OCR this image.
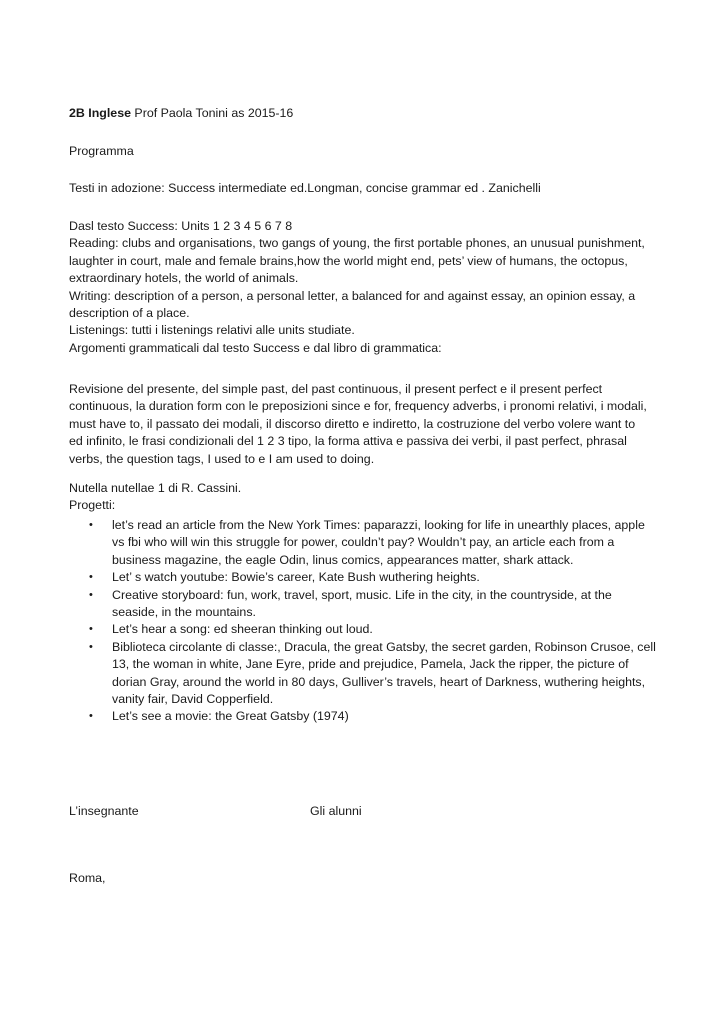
2B Inglese Prof Paola Tonini as 2015-16
Programma
Testi in adozione: Success intermediate ed.Longman, concise grammar ed . Zanichelli
Dasl testo Success: Units 1 2 3 4 5 6 7 8
Reading: clubs and organisations, two gangs of young, the first portable phones, an unusual punishment,
laughter in court, male and female brains,how the world might end, pets’ view of humans, the octopus,
extraordinary hotels, the world of animals.
Writing: description of a person, a personal letter, a balanced for and against essay, an opinion essay, a
description of a place.
Listenings: tutti i listenings relativi alle units studiate.
Argomenti grammaticali dal testo Success e dal libro di grammatica:
Revisione del presente, del simple past, del past continuous, il present perfect e il present perfect
continuous, la duration form con le preposizioni since e for, frequency adverbs, i pronomi relativi, i modali,
must have to, il passato dei modali, il discorso diretto e indiretto, la costruzione del verbo volere want to
ed infinito, le frasi condizionali del 1 2 3 tipo, la forma attiva e passiva dei verbi, il past perfect, phrasal
verbs, the question tags, I used to e I am used to doing.
Nutella nutellae 1 di R. Cassini.
Progetti:
• let’s read an article from the New York Times: paparazzi, looking for life in unearthly places, apple
vs fbi who will win this struggle for power, couldn’t pay? Wouldn’t pay, an article each from a
business magazine, the eagle Odin, linus comics, appearances matter, shark attack.
• Let’ s watch youtube: Bowie’s career, Kate Bush wuthering heights.
• Creative storyboard: fun, work, travel, sport, music. Life in the city, in the countryside, at the
seaside, in the mountains.
• Let’s hear a song: ed sheeran thinking out loud.
• Biblioteca circolante di classe:, Dracula, the great Gatsby, the secret garden, Robinson Crusoe, cell
13, the woman in white, Jane Eyre, pride and prejudice, Pamela, Jack the ripper, the picture of
dorian Gray, around the world in 80 days, Gulliver’s travels, heart of Darkness, wuthering heights,
vanity fair, David Copperfield.
• Let’s see a movie: the Great Gatsby (1974)
L’insegnante	Gli alunni
Roma,
